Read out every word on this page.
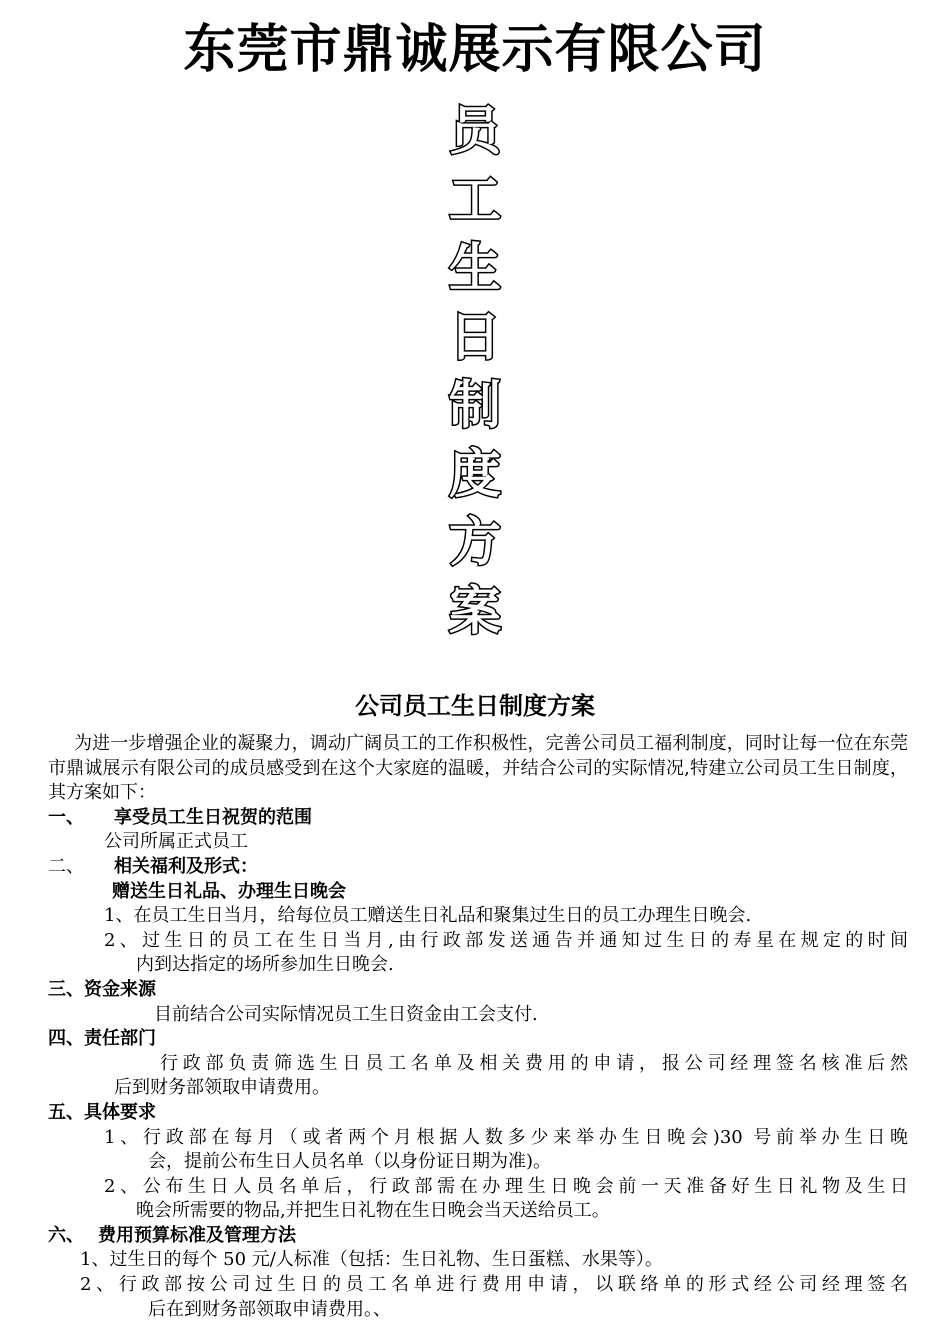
东莞市鼎诚展示有限公司
员
工
生
日
制
度
方
案
公司员工生日制度方案
为进一步增强企业的凝聚力，调动广阔员工的工作积极性，完善公司员工福利制度，同时让每一位在东莞市鼎诚展示有限公司的成员感受到在这个大家庭的温暖，并结合公司的实际情况,特建立公司员工生日制度，其方案如下：
一、 享受员工生日祝贺的范围
公司所属正式员工
二、 相关福利及形式：
赠送生日礼品、办理生日晚会
1、在员工生日当月，给每位员工赠送生日礼品和聚集过生日的员工办理生日晚会.
2、过生日的员工在生日当月,由行政部发送通告并通知过生日的寿星在规定的时间
内到达指定的场所参加生日晚会.
三、资金来源
目前结合公司实际情况员工生日资金由工会支付.
四、责任部门
行政部负责筛选生日员工名单及相关费用的申请，报公司经理签名核准后然
后到财务部领取申请费用。
五、具体要求
1、行政部在每月（或者两个月根据人数多少来举办生日晚会)30 号前举办生日晚
会，提前公布生日人员名单（以身份证日期为准)。
2、公布生日人员名单后，行政部需在办理生日晚会前一天准备好生日礼物及生日
晚会所需要的物品,并把生日礼物在生日晚会当天送给员工。
六、 费用预算标准及管理方法
1、过生日的每个 50 元/人标准（包括：生日礼物、生日蛋糕、水果等）。
2、行政部按公司过生日的员工名单进行费用申请，以联络单的形式经公司经理签名
后在到财务部领取申请费用。、
